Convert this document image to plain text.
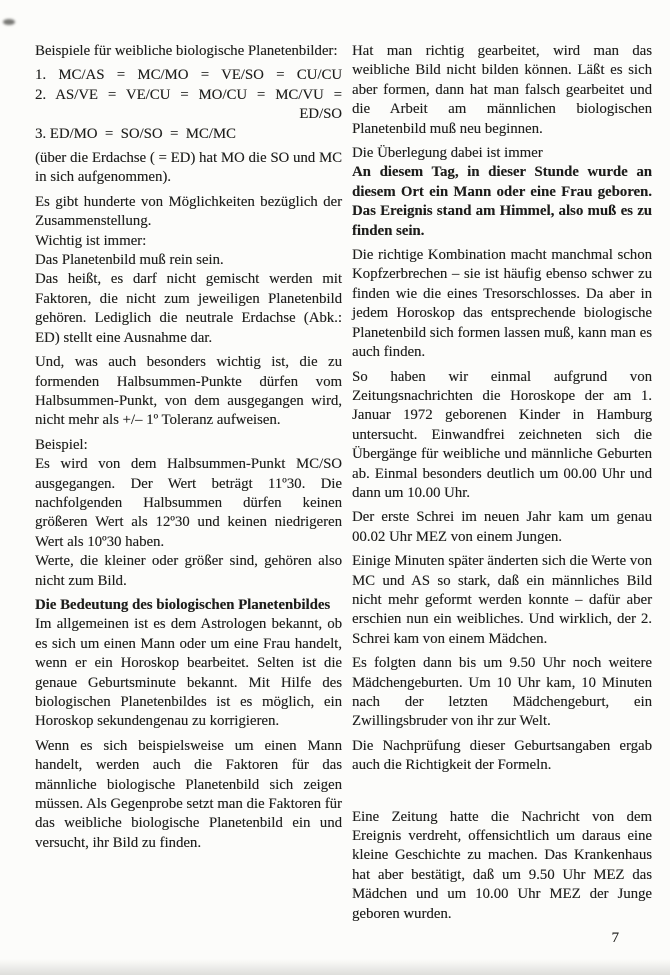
Beispiele für weibliche biologische Planetenbilder:

1. MC/AS = MC/MO = VE/SO = CU/CU

2. AS/VE = VE/CU = MO/CU = MC/VU =

ED/SO

3. ED/MO  =  SO/SO  =  MC/MC

(über die Erdachse ( = ED) hat MO die SO und MC in sich aufgenommen).

Es gibt hunderte von Möglichkeiten bezüglich der Zusammenstellung.

Wichtig ist immer:

Das Planetenbild muß rein sein.

Das heißt, es darf nicht gemischt werden mit Faktoren, die nicht zum jeweiligen Planetenbild gehören. Lediglich die neutrale Erdachse (Abk.: ED) stellt eine Ausnahme dar.

Und, was auch besonders wichtig ist, die zu formenden Halbsummen-Punkte dürfen vom Halbsummen-Punkt, von dem ausgegangen wird, nicht mehr als +/– 1º Toleranz aufweisen.

Beispiel:

Es wird von dem Halbsummen-Punkt MC/SO ausgegangen. Der Wert beträgt 11º30. Die nachfolgenden Halbsummen dürfen keinen größeren Wert als 12º30 und keinen niedrigeren Wert als 10º30 haben.

Werte, die kleiner oder größer sind, gehören also nicht zum Bild.

Die Bedeutung des biologischen Planetenbildes

Im allgemeinen ist es dem Astrologen bekannt, ob es sich um einen Mann oder um eine Frau handelt, wenn er ein Horoskop bearbeitet. Selten ist die genaue Geburtsminute bekannt. Mit Hilfe des biologischen Planetenbildes ist es möglich, ein Horoskop sekundengenau zu korrigieren.

Wenn es sich beispielsweise um einen Mann handelt, werden auch die Faktoren für das männliche biologische Planetenbild sich zeigen müssen. Als Gegenprobe setzt man die Faktoren für das weibliche biologische Planetenbild ein und versucht, ihr Bild zu finden.

Hat man richtig gearbeitet, wird man das weibliche Bild nicht bilden können. Läßt es sich aber formen, dann hat man falsch gearbeitet und die Arbeit am männlichen biologischen Planetenbild muß neu beginnen.

Die Überlegung dabei ist immer

An diesem Tag, in dieser Stunde wurde an diesem Ort ein Mann oder eine Frau geboren. Das Ereignis stand am Himmel, also muß es zu finden sein.

Die richtige Kombination macht manchmal schon Kopfzerbrechen – sie ist häufig ebenso schwer zu finden wie die eines Tresorschlosses. Da aber in jedem Horoskop das entsprechende biologische Planetenbild sich formen lassen muß, kann man es auch finden.

So haben wir einmal aufgrund von Zeitungsnachrichten die Horoskope der am 1. Januar 1972 geborenen Kinder in Hamburg untersucht. Einwandfrei zeichneten sich die Übergänge für weibliche und männliche Geburten ab. Einmal besonders deutlich um 00.00 Uhr und dann um 10.00 Uhr.

Der erste Schrei im neuen Jahr kam um genau 00.02 Uhr MEZ von einem Jungen.

Einige Minuten später änderten sich die Werte von MC und AS so stark, daß ein männliches Bild nicht mehr geformt werden konnte – dafür aber erschien nun ein weibliches. Und wirklich, der 2. Schrei kam von einem Mädchen.

Es folgten dann bis um 9.50 Uhr noch weitere Mädchengeburten. Um 10 Uhr kam, 10 Minuten nach der letzten Mädchengeburt, ein Zwillingsbruder von ihr zur Welt.

Die Nachprüfung dieser Geburtsangaben ergab auch die Richtigkeit der Formeln.

Eine Zeitung hatte die Nachricht von dem Ereignis verdreht, offensichtlich um daraus eine kleine Geschichte zu machen. Das Krankenhaus hat aber bestätigt, daß um 9.50 Uhr MEZ das Mädchen und um 10.00 Uhr MEZ der Junge geboren wurden.

7
